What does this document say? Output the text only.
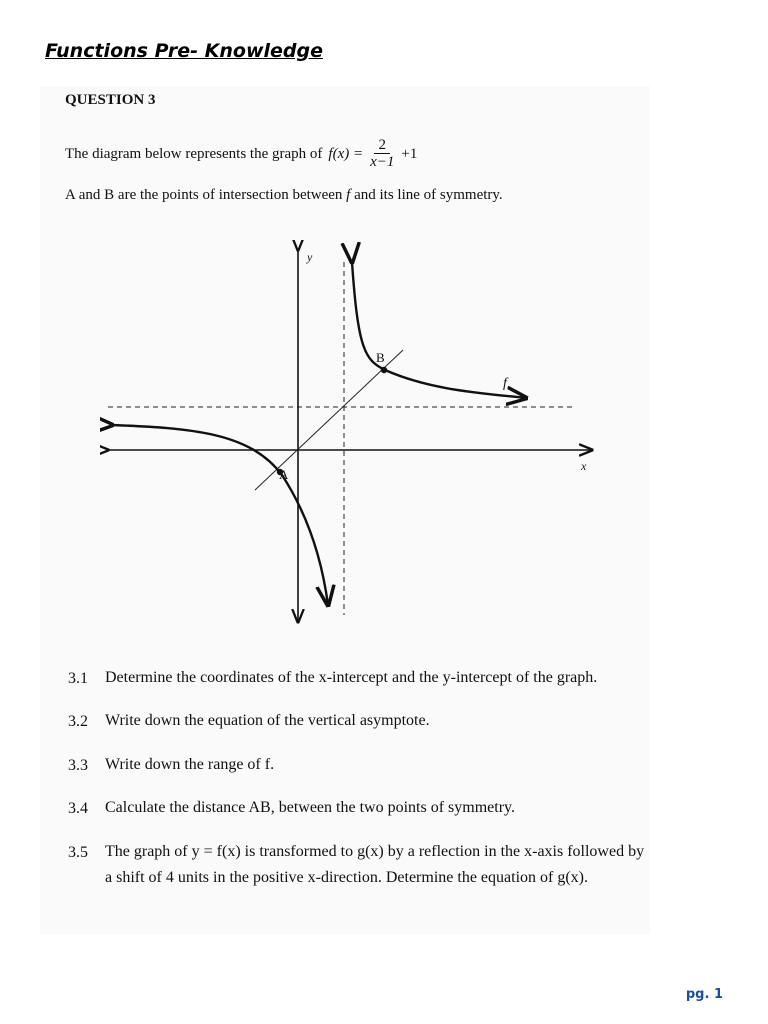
Functions Pre- Knowledge
QUESTION 3
The diagram below represents the graph of $f(x) = \frac{2}{x-1} +1$
A and B are the points of intersection between f and its line of symmetry.
y
x
B
A
f
3.1	Determine the coordinates of the x-intercept and the y-intercept of the graph.
3.2	Write down the equation of the vertical asymptote.
3.3	Write down the range of f.
3.4	Calculate the distance AB, between the two points of symmetry.
3.5	The graph of y = f(x) is transformed to g(x) by a reflection in the x-axis followed by a shift of 4 units in the positive x-direction. Determine the equation of g(x).
pg. 1
